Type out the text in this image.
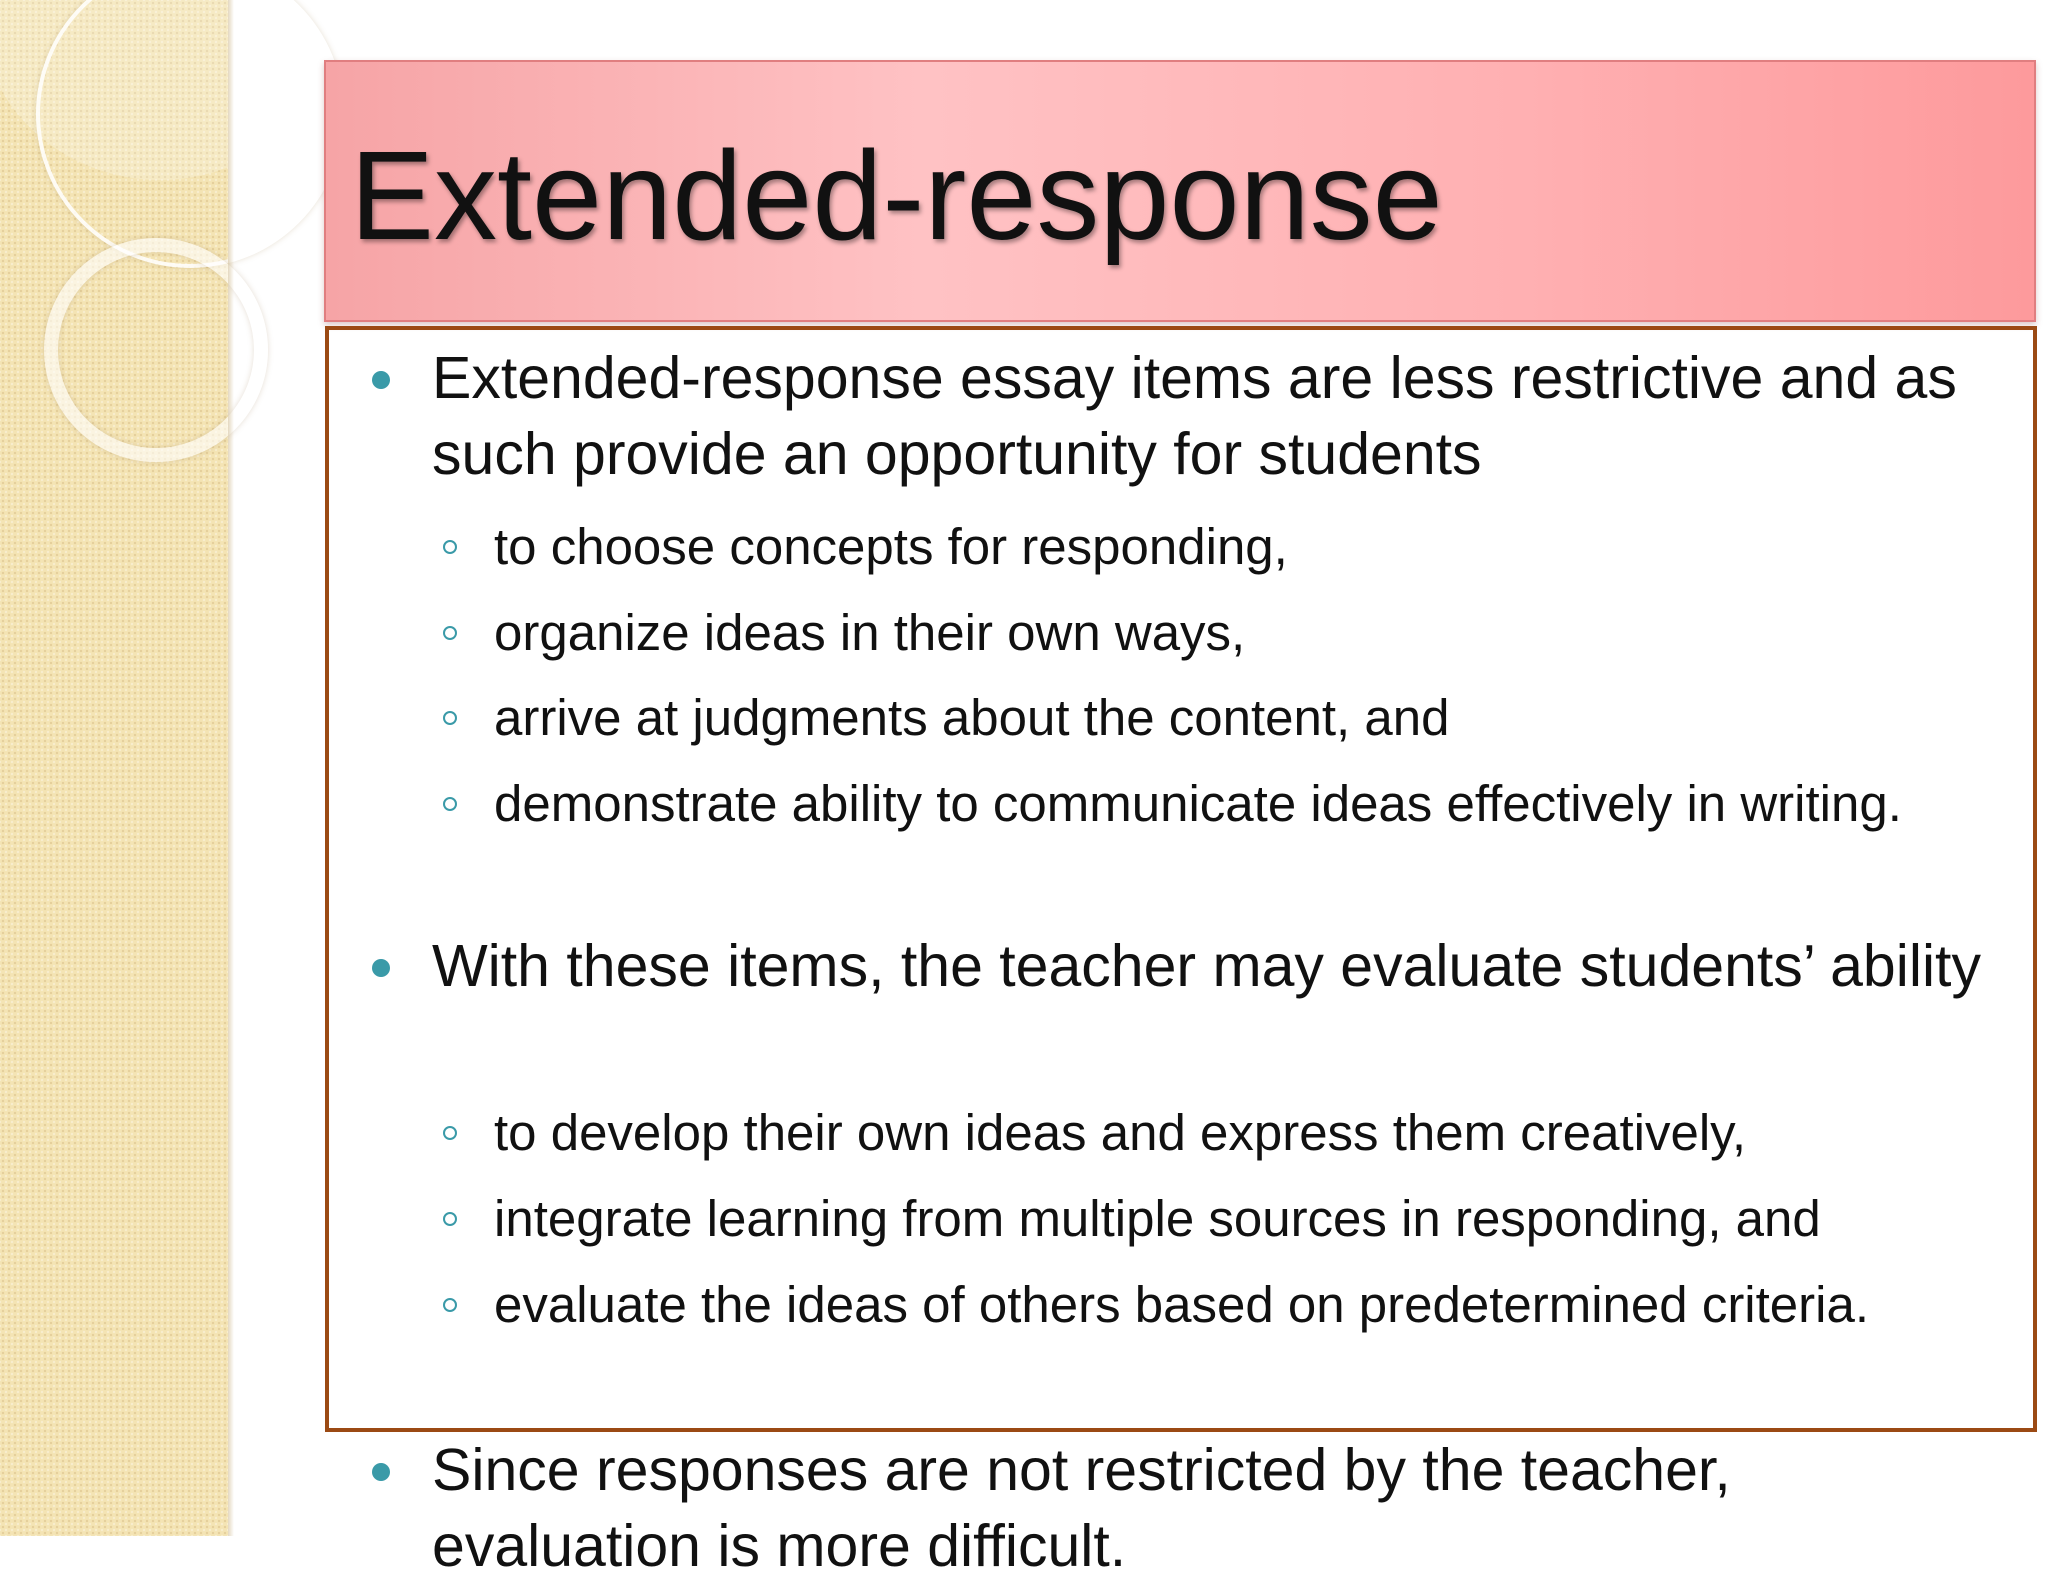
Extended-response
Extended-response essay items are less restrictive and as such provide an opportunity for students
to choose concepts for responding,
organize ideas in their own ways,
arrive at judgments about the content, and
demonstrate ability to communicate ideas effectively in writing.
With these items, the teacher may evaluate students’ ability
to develop their own ideas and express them creatively,
integrate learning from multiple sources in responding, and
evaluate the ideas of others based on predetermined criteria.
Since responses are not restricted by the teacher, evaluation is more difficult.
